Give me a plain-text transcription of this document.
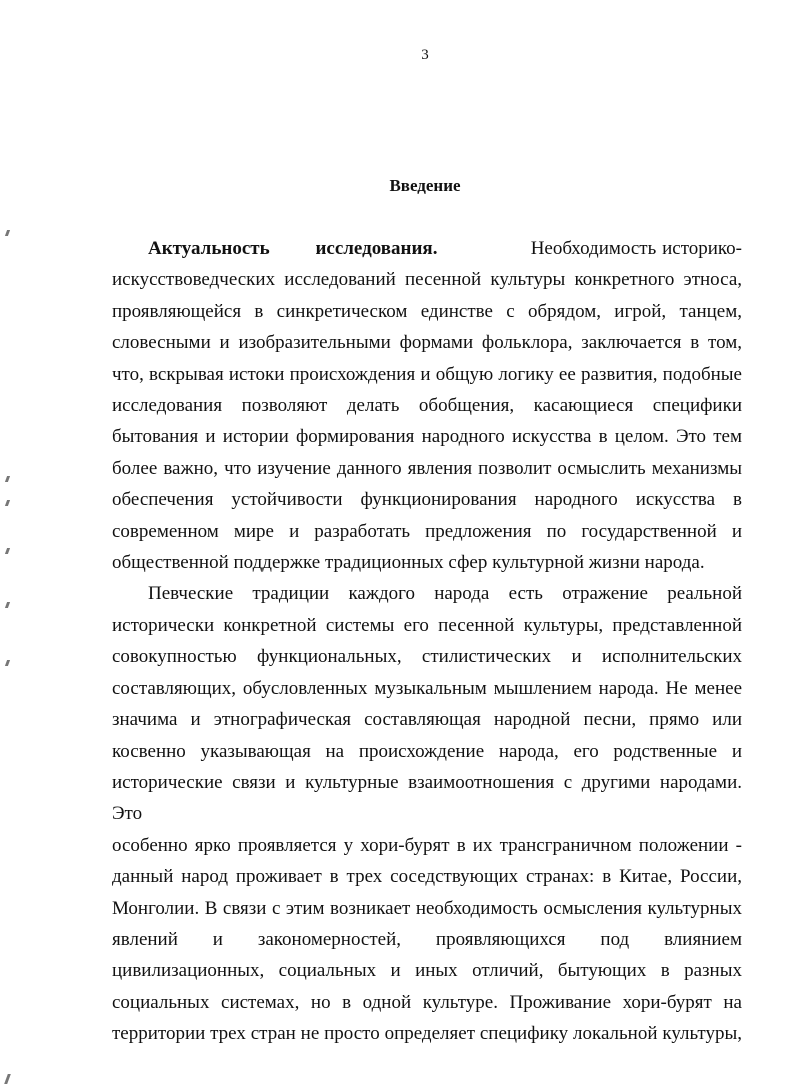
3
Введение
Актуальность исследования.	Необходимость историко-
искусствоведческих исследований песенной культуры конкретного этноса,
проявляющейся в синкретическом единстве с обрядом, игрой, танцем,
словесными и изобразительными формами фольклора, заключается в том,
что, вскрывая истоки происхождения и общую логику ее развития, подобные
исследования позволяют делать обобщения, касающиеся специфики
бытования и истории формирования народного искусства в целом. Это тем
более важно, что изучение данного явления позволит осмыслить механизмы
обеспечения устойчивости функционирования народного искусства в
современном мире и разработать предложения по государственной и
общественной поддержке традиционных сфер культурной жизни народа.
Певческие традиции каждого народа есть отражение реальной
исторически конкретной системы его песенной культуры, представленной
совокупностью функциональных, стилистических и исполнительских
составляющих, обусловленных музыкальным мышлением народа. Не менее
значима и этнографическая составляющая народной песни, прямо или
косвенно указывающая на происхождение народа, его родственные и
исторические связи и культурные взаимоотношения с другими народами. Это
особенно ярко проявляется у хори-бурят в их трансграничном положении -
данный народ проживает в трех соседствующих странах: в Китае, России,
Монголии. В связи с этим возникает необходимость осмысления культурных
явлений и закономерностей, проявляющихся под влиянием
цивилизационных, социальных и иных отличий, бытующих в разных
социальных системах, но в одной культуре. Проживание хори-бурят на
территории трех стран не просто определяет специфику локальной культуры,
